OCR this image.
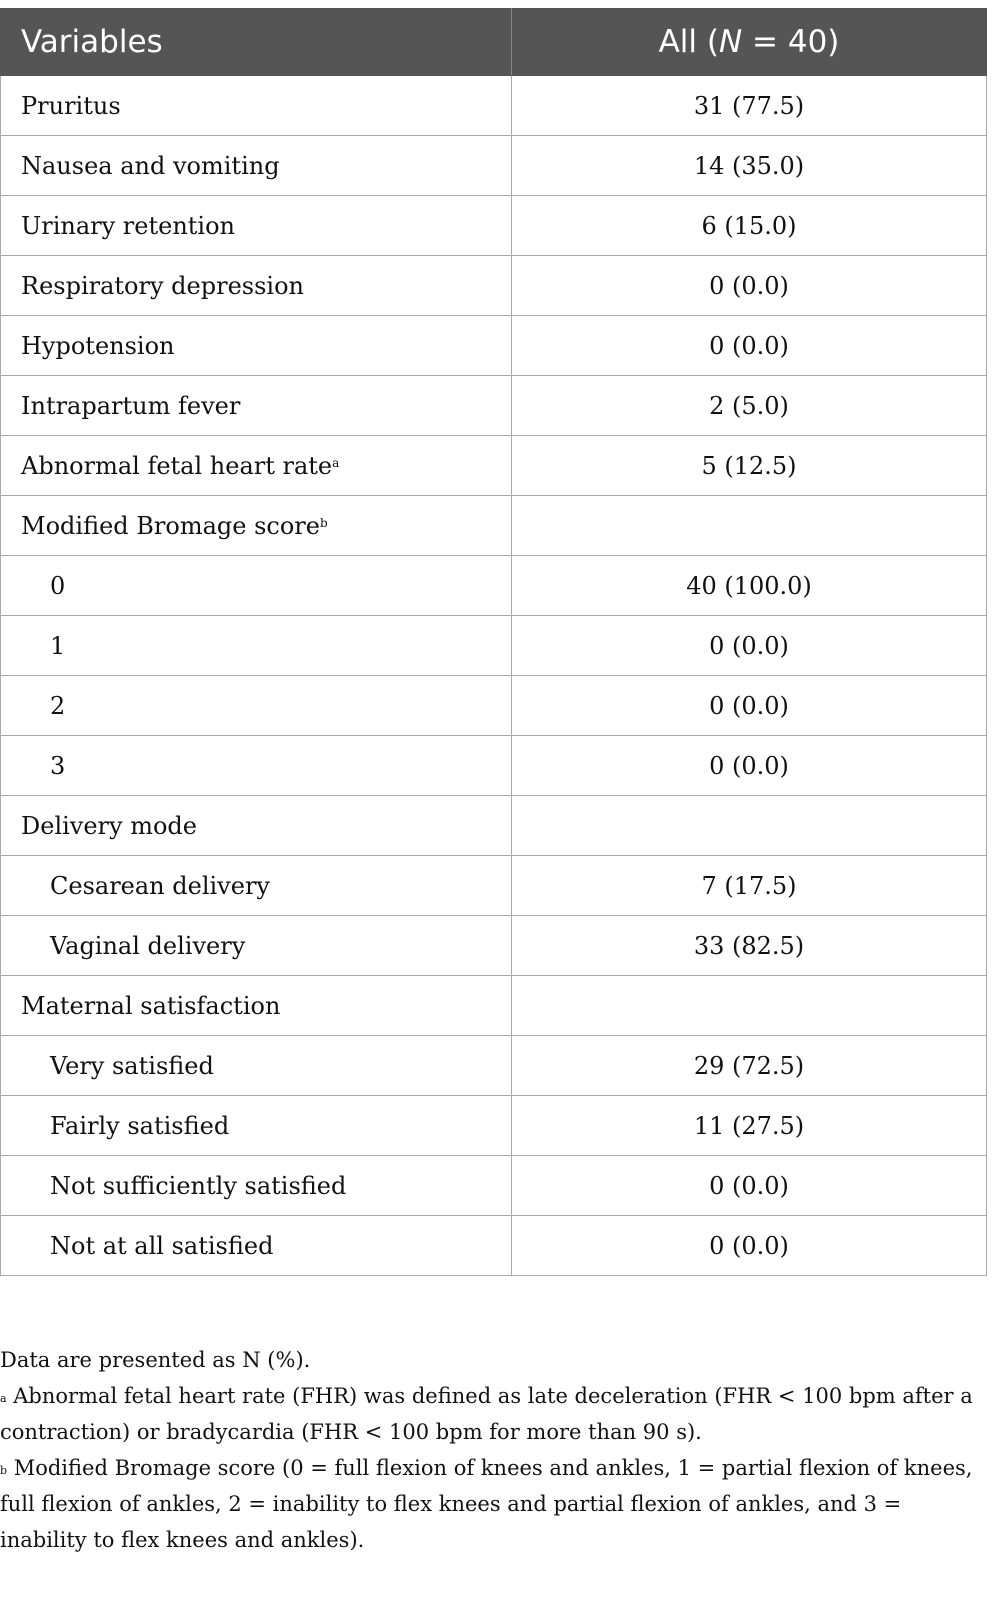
Variables	All (N = 40)
Pruritus	31 (77.5)
Nausea and vomiting	14 (35.0)
Urinary retention	6 (15.0)
Respiratory depression	0 (0.0)
Hypotension	0 (0.0)
Intrapartum fever	2 (5.0)
Abnormal fetal heart rate$^a$	5 (12.5)
Modified Bromage score$^b$	
0	40 (100.0)
1	0 (0.0)
2	0 (0.0)
3	0 (0.0)
Delivery mode	
Cesarean delivery	7 (17.5)
Vaginal delivery	33 (82.5)
Maternal satisfaction	
Very satisfied	29 (72.5)
Fairly satisfied	11 (27.5)
Not sufficiently satisfied	0 (0.0)
Not at all satisfied	0 (0.0)

Data are presented as N (%).

$^a$ Abnormal fetal heart rate (FHR) was defined as late deceleration (FHR < 100 bpm after a contraction) or bradycardia (FHR < 100 bpm for more than 90 s).

$^b$ Modified Bromage score (0 = full flexion of knees and ankles, 1 = partial flexion of knees, full flexion of ankles, 2 = inability to flex knees and partial flexion of ankles, and 3 = inability to flex knees and ankles).
